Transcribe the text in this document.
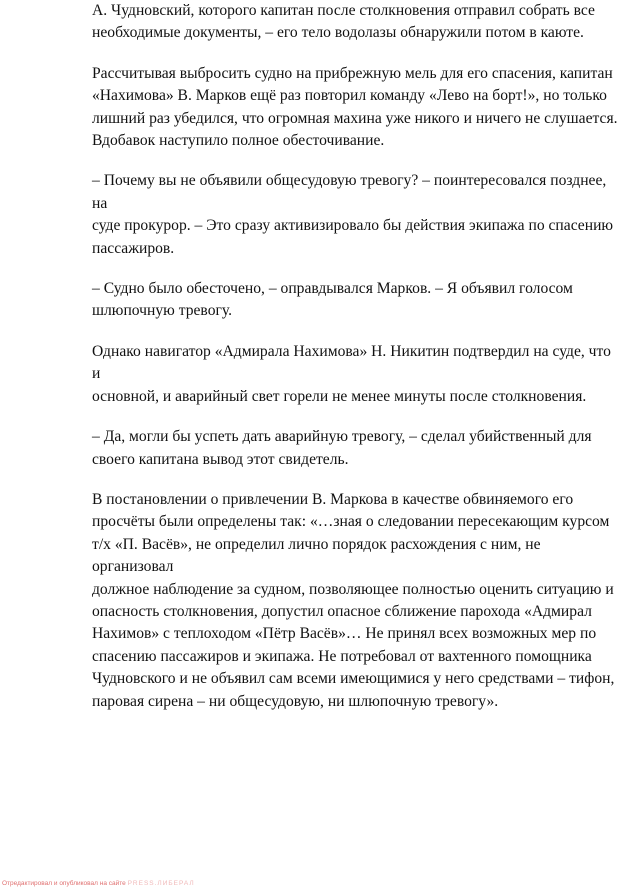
А. Чудновский, которого капитан после столкновения отправил собрать все
необходимые документы, – его тело водолазы обнаружили потом в каюте.

Рассчитывая выбросить судно на прибрежную мель для его спасения, капитан
«Нахимова» В. Марков ещё раз повторил команду «Лево на борт!», но только
лишний раз убедился, что огромная махина уже никого и ничего не слушается.
Вдобавок наступило полное обесточивание.

– Почему вы не объявили общесудовую тревогу? – поинтересовался позднее, на
суде прокурор. – Это сразу активизировало бы действия экипажа по спасению
пассажиров.

– Судно было обесточено, – оправдывался Марков. – Я объявил голосом
шлюпочную тревогу.

Однако навигатор «Адмирала Нахимова» Н. Никитин подтвердил на суде, что и
основной, и аварийный свет горели не менее минуты после столкновения.

– Да, могли бы успеть дать аварийную тревогу, – сделал убийственный для
своего капитана вывод этот свидетель.

В постановлении о привлечении В. Маркова в качестве обвиняемого его
просчёты были определены так: «…зная о следовании пересекающим курсом
т/х «П. Васёв», не определил лично порядок расхождения с ним, не организовал
должное наблюдение за судном, позволяющее полностью оценить ситуацию и
опасность столкновения, допустил опасное сближение парохода «Адмирал
Нахимов» с теплоходом «Пётр Васёв»… Не принял всех возможных мер по
спасению пассажиров и экипажа. Не потребовал от вахтенного помощника
Чудновского и не объявил сам всеми имеющимися у него средствами – тифон,
паровая сирена – ни общесудовую, ни шлюпочную тревогу».

Отредактировал и опубликовал на сайте PRESS.ЛИБЕРАЛ
